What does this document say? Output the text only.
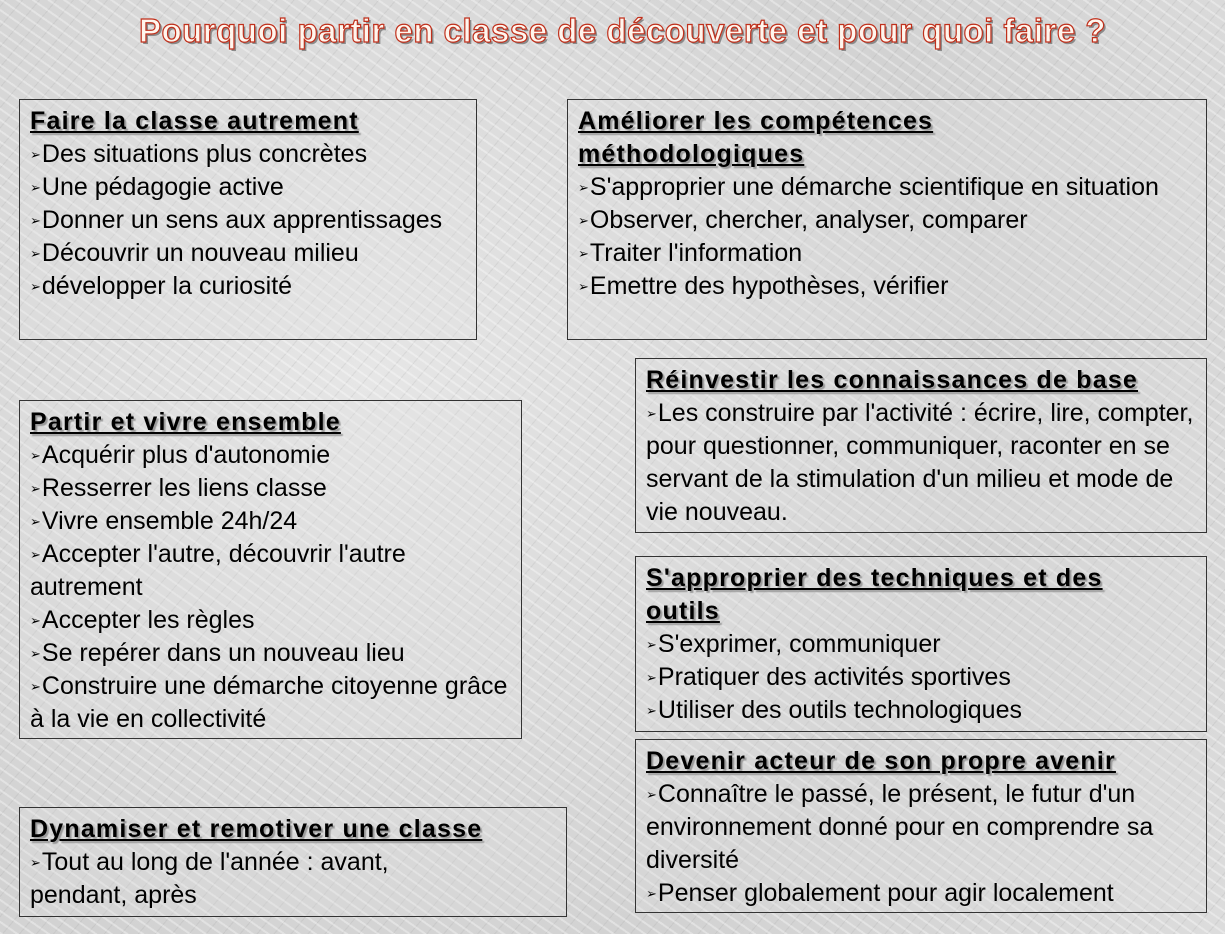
Pourquoi partir en classe de découverte et pour quoi faire ?
Faire la classe autrement
➢Des situations plus concrètes
➢Une pédagogie active
➢Donner un sens aux apprentissages
➢Découvrir un nouveau milieu
➢développer la curiosité
Améliorer les compétences méthodologiques
➢S'approprier une démarche scientifique en situation
➢Observer, chercher, analyser, comparer
➢Traiter l'information
➢Emettre des hypothèses, vérifier
Partir et vivre ensemble
➢Acquérir plus d'autonomie
➢Resserrer les liens classe
➢Vivre ensemble 24h/24
➢Accepter l'autre, découvrir l'autre autrement
➢Accepter les règles
➢Se repérer dans un nouveau lieu
➢Construire une démarche citoyenne grâce à la vie en collectivité
Réinvestir les connaissances de base
➢Les construire par l'activité : écrire, lire, compter, pour questionner, communiquer, raconter en se servant de la stimulation d'un milieu et mode de vie nouveau.
S'approprier des techniques et des outils
➢S'exprimer, communiquer
➢Pratiquer des activités sportives
➢Utiliser des outils technologiques
Devenir acteur de son propre avenir
➢Connaître le passé, le présent, le futur d'un environnement donné pour en comprendre sa diversité
➢Penser globalement pour agir localement
Dynamiser et remotiver une classe
➢Tout au long de l'année : avant, pendant, après
